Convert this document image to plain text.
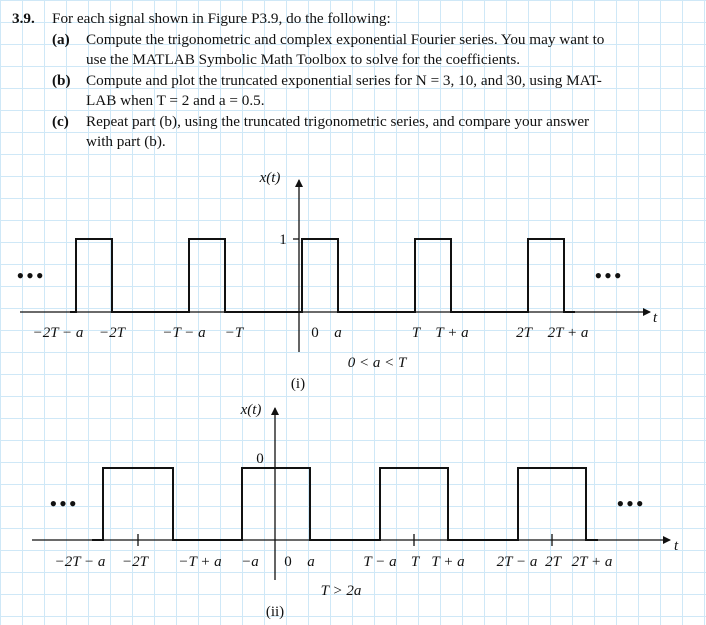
3.9.	For each signal shown in Figure P3.9, do the following:
(a)	Compute the trigonometric and complex exponential Fourier series. You may want to
use the MATLAB Symbolic Math Toolbox to solve for the coefficients.
(b)	Compute and plot the truncated exponential series for N = 3, 10, and 30, using MAT-
LAB when T = 2 and a = 0.5.
(c)	Repeat part (b), using the truncated trigonometric series, and compare your answer
with part (b).
1
x(t)
t
•••	•••
−2T − a −2T −T − a −T	0 a	T T + a	2T 2T + a
0 < a < T
(i)
0
x(t)
t
•••	•••
−2T − a −2T −T + a −a 0 a	T − a T T + a 2T − a 2T 2T + a
T > 2a
(ii)
